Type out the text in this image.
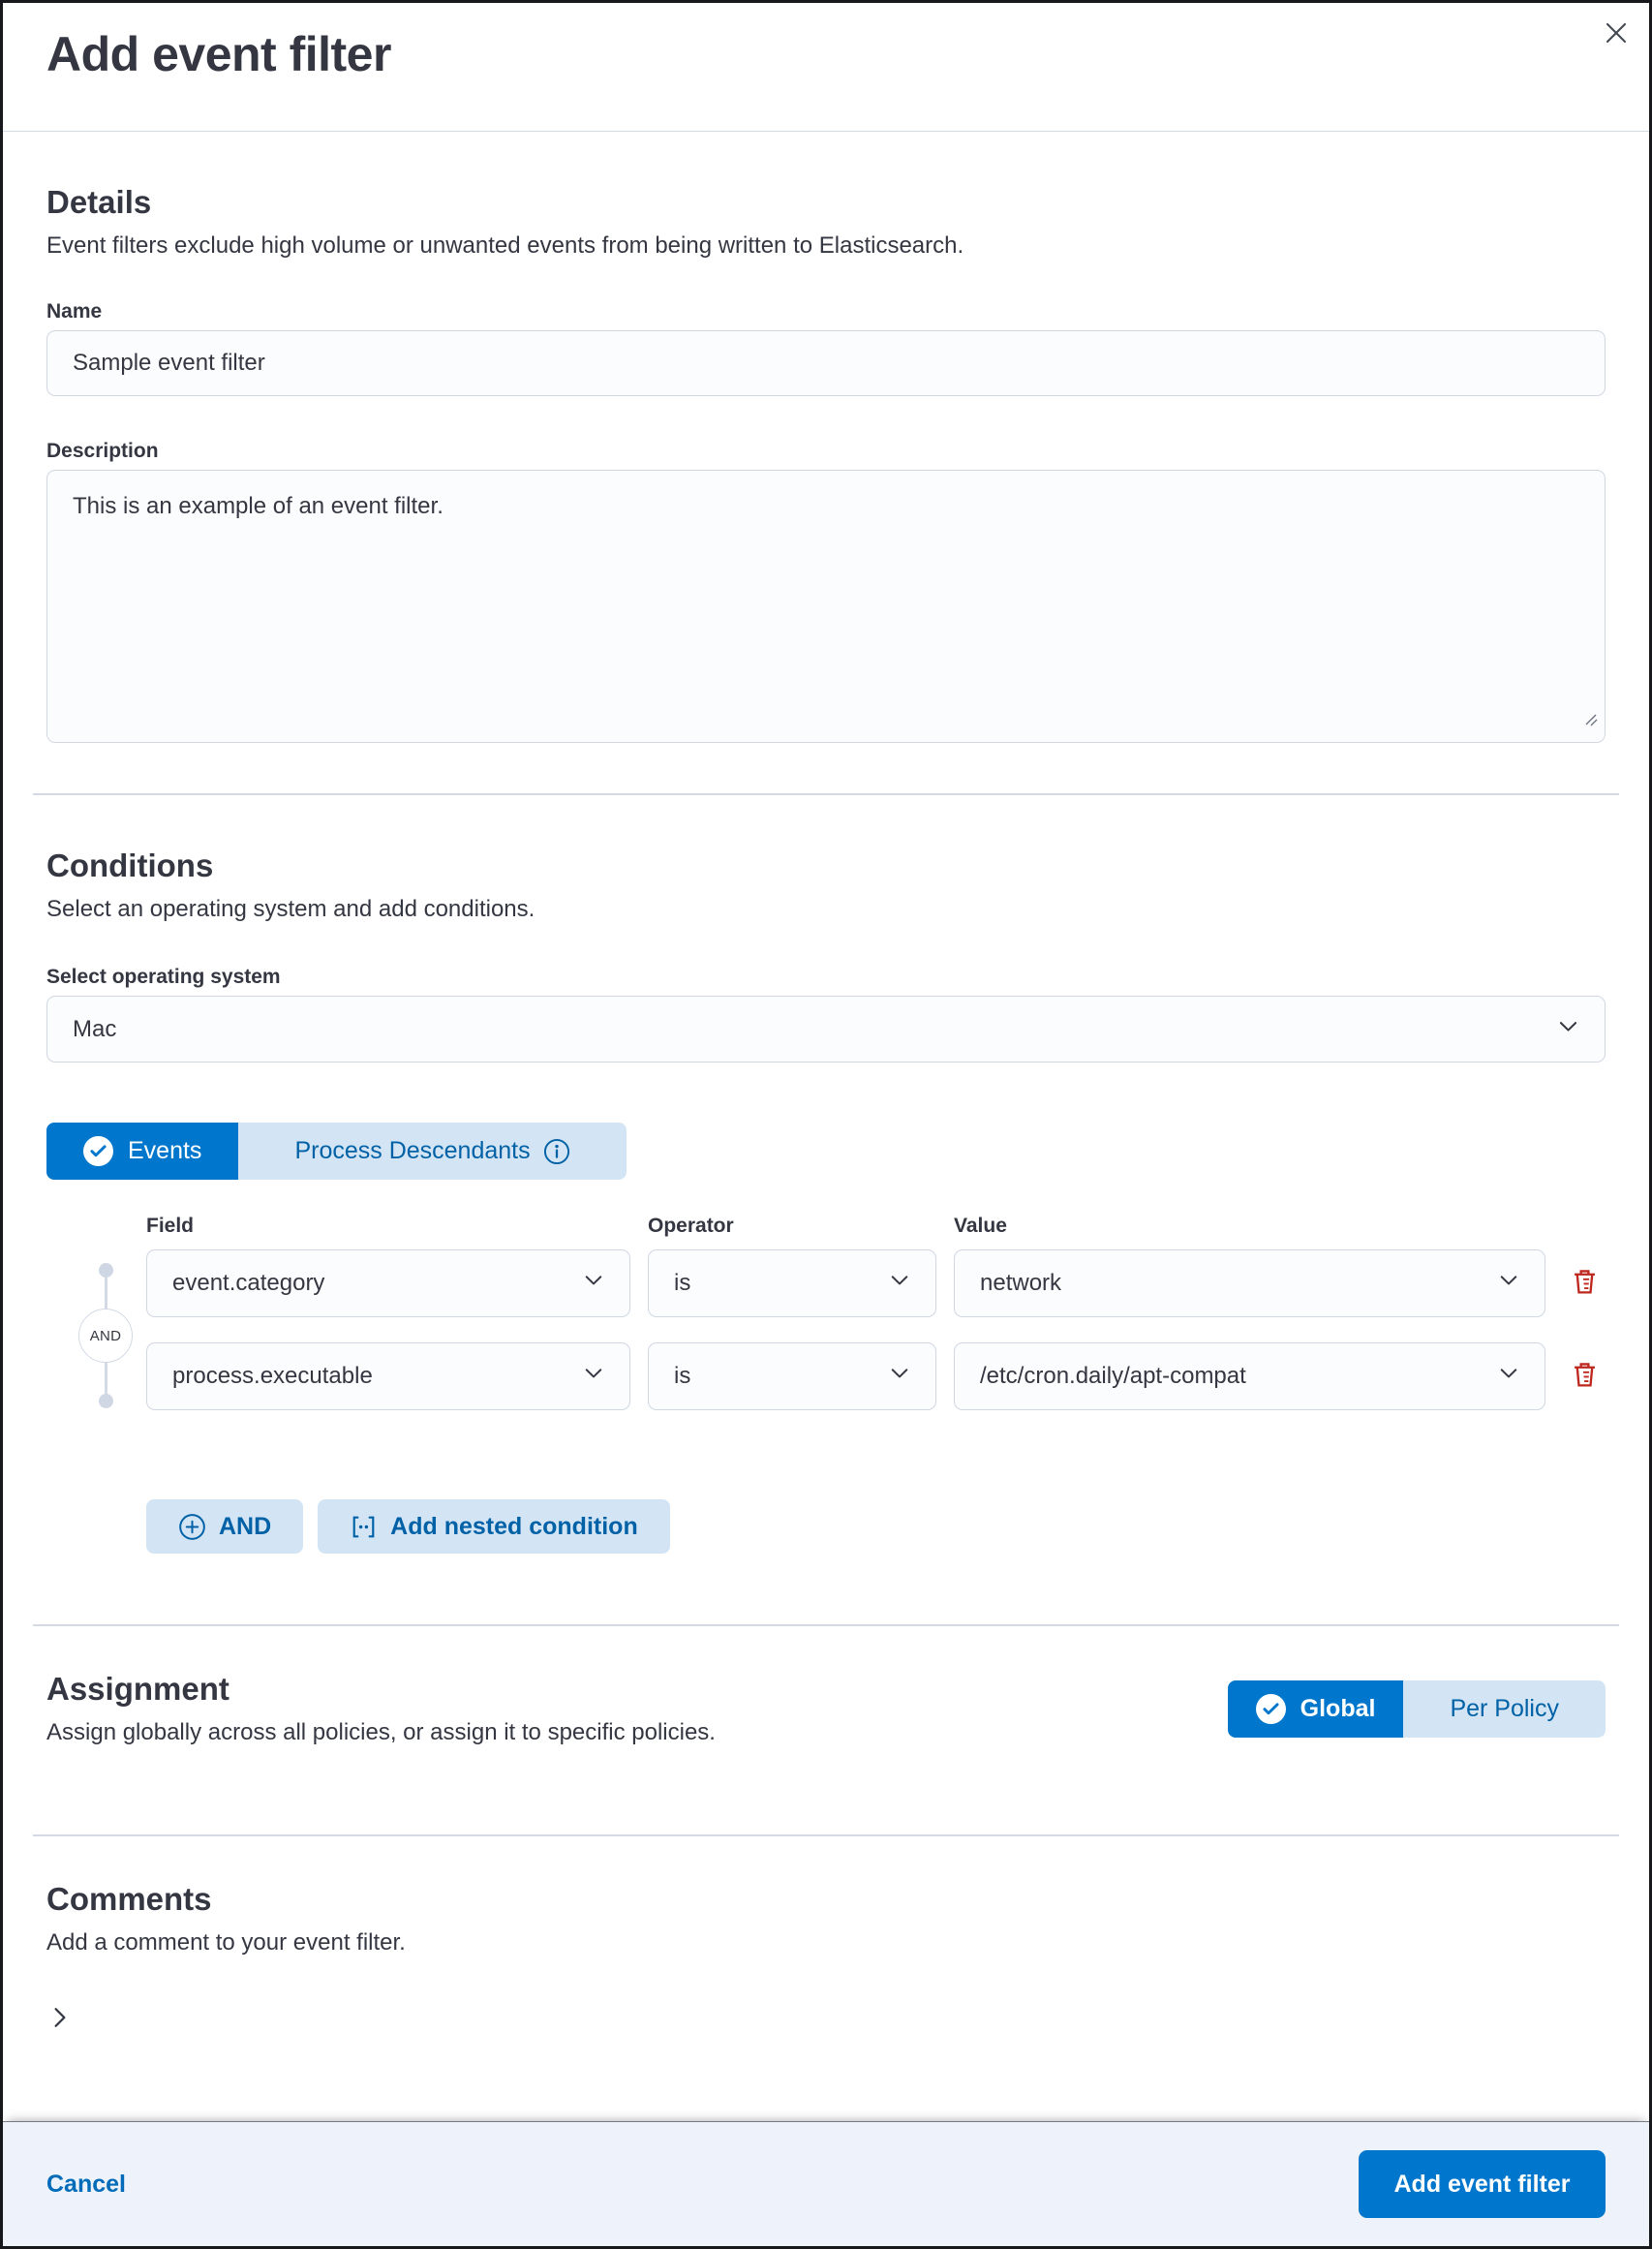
Add event filter
Details

Event filters exclude high volume or unwanted events from being written to Elasticsearch.

Name
Sample event filter
Description
This is an example of an event filter.
Conditions

Select an operating system and add conditions.

Select operating system
Mac
Events	Process Descendants
AND
Field	Operator	Value
event.category	is	network
process.executable	is	/etc/cron.daily/apt-compat
AND	Add nested condition
Assignment

Assign globally across all policies, or assign it to specific policies.

Global	Per Policy
Comments

Add a comment to your event filter.

Cancel	Add event filter
